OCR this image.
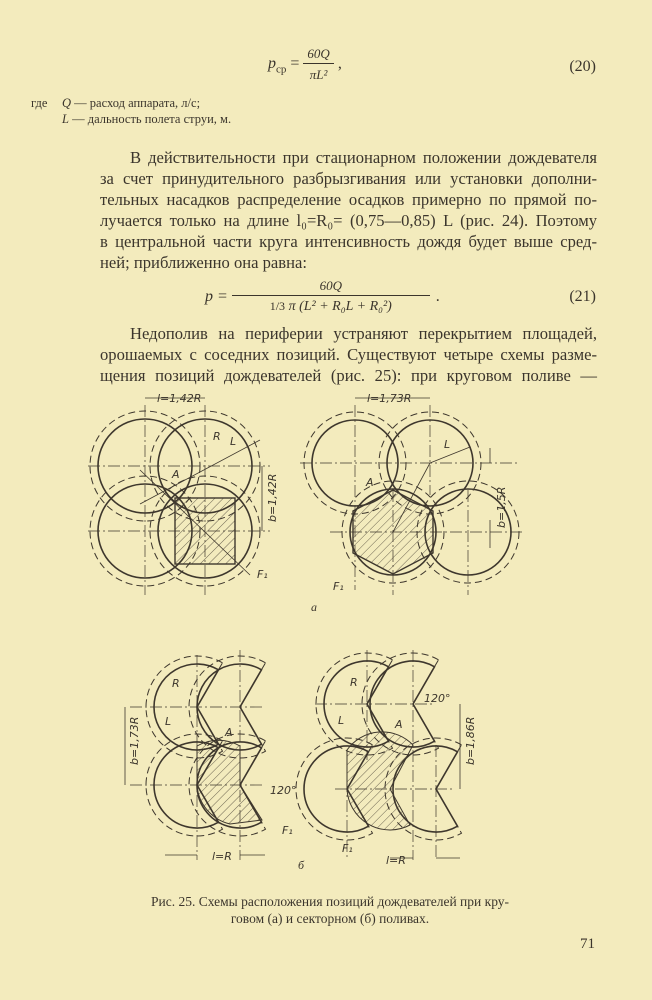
$p_{ср} = \frac{60Q}{\text{πL²}}$ ,	(20)
где Q — расход аппарата, л/с;
L — дальность полета струи, м.
В действительности при стационарном положении дождевателя
за счет принудительного разбрызгивания или установки дополни-
тельных насадков распределение осадков примерно по прямой по-
лучается только на длине l₀=R₀= (0,75—0,85) L (рис. 24). Поэтому
в центральной части круга интенсивность дождя будет выше сред-
ней; приближенно она равна:
$p = \frac{60Q}{\text{1/3 π (L² + R₀L + R₀²)}}$ .	(21)
Недополив на периферии устраняют перекрытием площадей,
орошаемых с соседних позиций. Существуют четыре схемы разме-
щения позиций дождевателей (рис. 25): при круговом поливе —
l=1,42R
b=1,42R
R L
A
F₁
l=1,73R
b=1,5R
L
A
F₁
b=1,73R
l=R
R
L
A
120°
F₁
b=1,86R
l=R
R
L	A
120°
F₁
а
б
Рис. 25. Схемы расположения позиций дождевателей при кру-
говом (а) и секторном (б) поливах.
71
